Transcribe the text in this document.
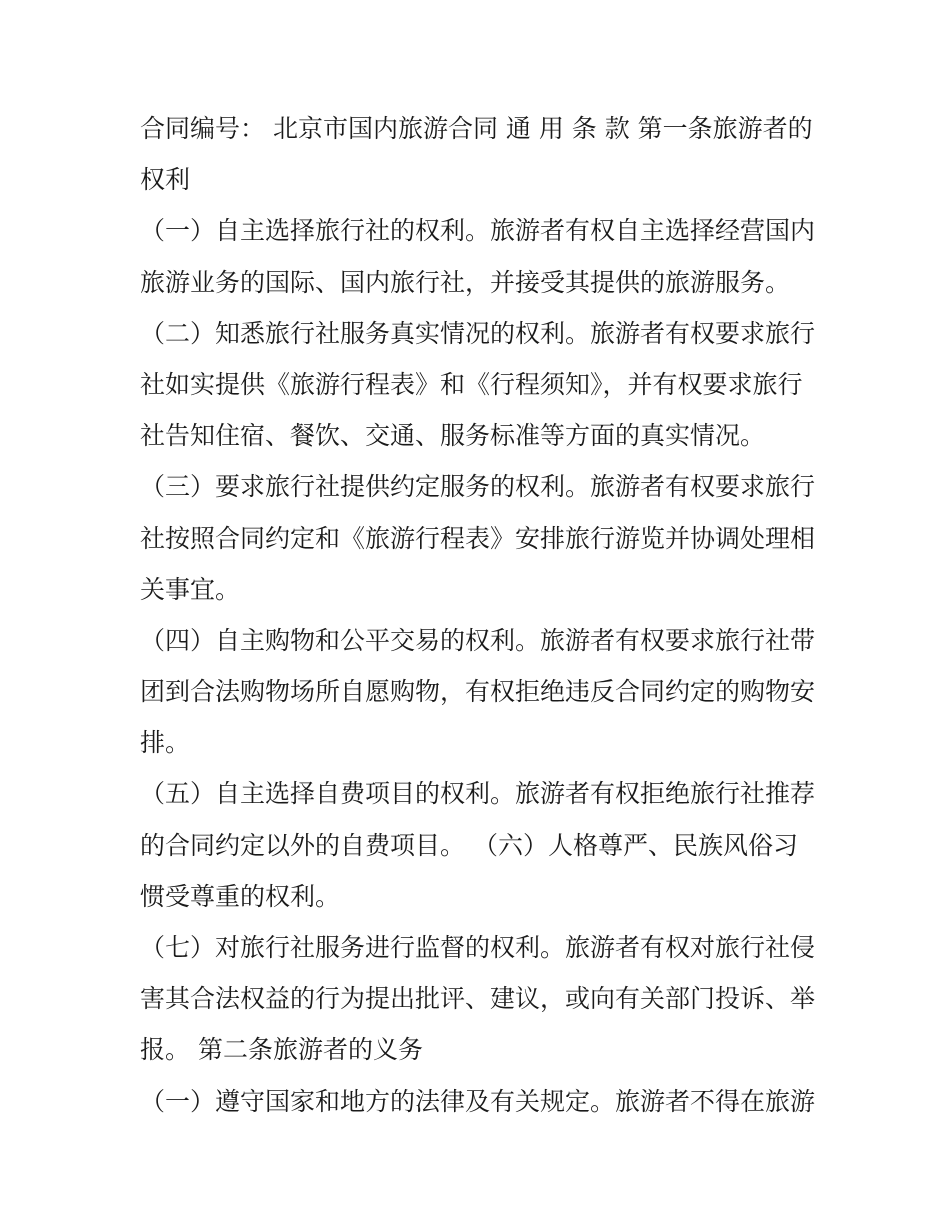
合同编号： 北京市国内旅游合同 通 用 条 款 第一条旅游者的
权利
（一）自主选择旅行社的权利。旅游者有权自主选择经营国内
旅游业务的国际、国内旅行社，并接受其提供的旅游服务。
（二）知悉旅行社服务真实情况的权利。旅游者有权要求旅行
社如实提供《旅游行程表》和《行程须知》，并有权要求旅行
社告知住宿、餐饮、交通、服务标准等方面的真实情况。
（三）要求旅行社提供约定服务的权利。旅游者有权要求旅行
社按照合同约定和《旅游行程表》安排旅行游览并协调处理相
关事宜。
（四）自主购物和公平交易的权利。旅游者有权要求旅行社带
团到合法购物场所自愿购物，有权拒绝违反合同约定的购物安
排。
（五）自主选择自费项目的权利。旅游者有权拒绝旅行社推荐
的合同约定以外的自费项目。 （六）人格尊严、民族风俗习
惯受尊重的权利。
（七）对旅行社服务进行监督的权利。旅游者有权对旅行社侵
害其合法权益的行为提出批评、建议，或向有关部门投诉、举
报。 第二条旅游者的义务
（一）遵守国家和地方的法律及有关规定。旅游者不得在旅游
